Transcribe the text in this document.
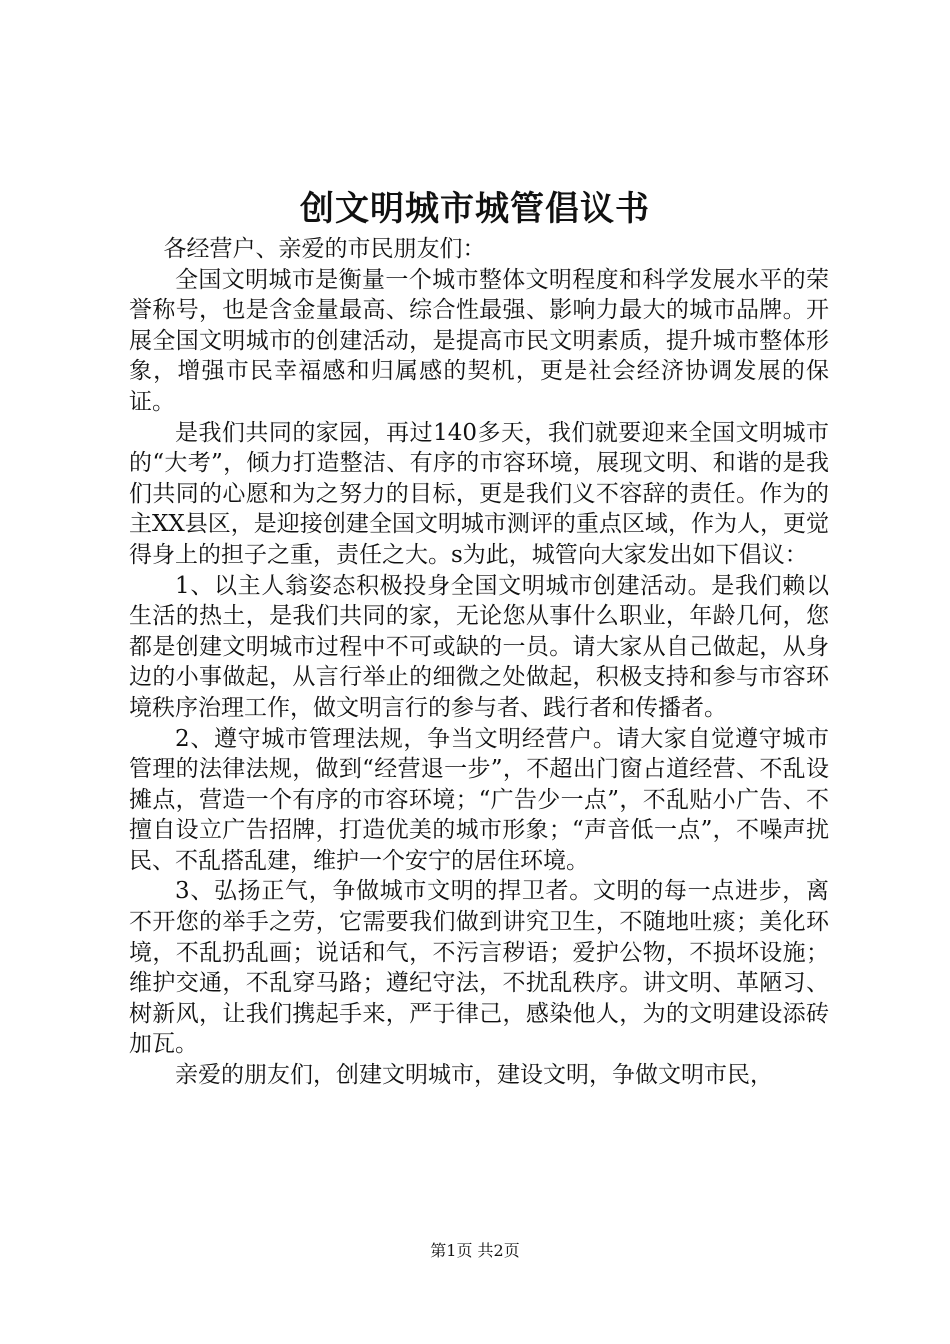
创文明城市城管倡议书

各经营户、亲爱的市民朋友们：

全国文明城市是衡量一个城市整体文明程度和科学发展水平的荣誉称号，也是含金量最高、综合性最强、影响力最大的城市品牌。开展全国文明城市的创建活动，是提高市民文明素质，提升城市整体形象，增强市民幸福感和归属感的契机，更是社会经济协调发展的保证。

是我们共同的家园，再过140多天，我们就要迎来全国文明城市的“大考”，倾力打造整洁、有序的市容环境，展现文明、和谐的是我们共同的心愿和为之努力的目标，更是我们义不容辞的责任。作为的主XX县区，是迎接创建全国文明城市测评的重点区域，作为人，更觉得身上的担子之重，责任之大。s为此，城管向大家发出如下倡议：

1、以主人翁姿态积极投身全国文明城市创建活动。是我们赖以生活的热土，是我们共同的家，无论您从事什么职业，年龄几何，您都是创建文明城市过程中不可或缺的一员。请大家从自己做起，从身边的小事做起，从言行举止的细微之处做起，积极支持和参与市容环境秩序治理工作，做文明言行的参与者、践行者和传播者。

2、遵守城市管理法规，争当文明经营户。请大家自觉遵守城市管理的法律法规，做到“经营退一步”，不超出门窗占道经营、不乱设摊点，营造一个有序的市容环境；“广告少一点”，不乱贴小广告、不擅自设立广告招牌，打造优美的城市形象；“声音低一点”，不噪声扰民、不乱搭乱建，维护一个安宁的居住环境。

3、弘扬正气，争做城市文明的捍卫者。文明的每一点进步，离不开您的举手之劳，它需要我们做到讲究卫生，不随地吐痰；美化环境，不乱扔乱画；说话和气，不污言秽语；爱护公物，不损坏设施；维护交通，不乱穿马路；遵纪守法，不扰乱秩序。讲文明、革陋习、树新风，让我们携起手来，严于律己，感染他人，为的文明建设添砖加瓦。

亲爱的朋友们，创建文明城市，建设文明，争做文明市民，

第1页 共2页
